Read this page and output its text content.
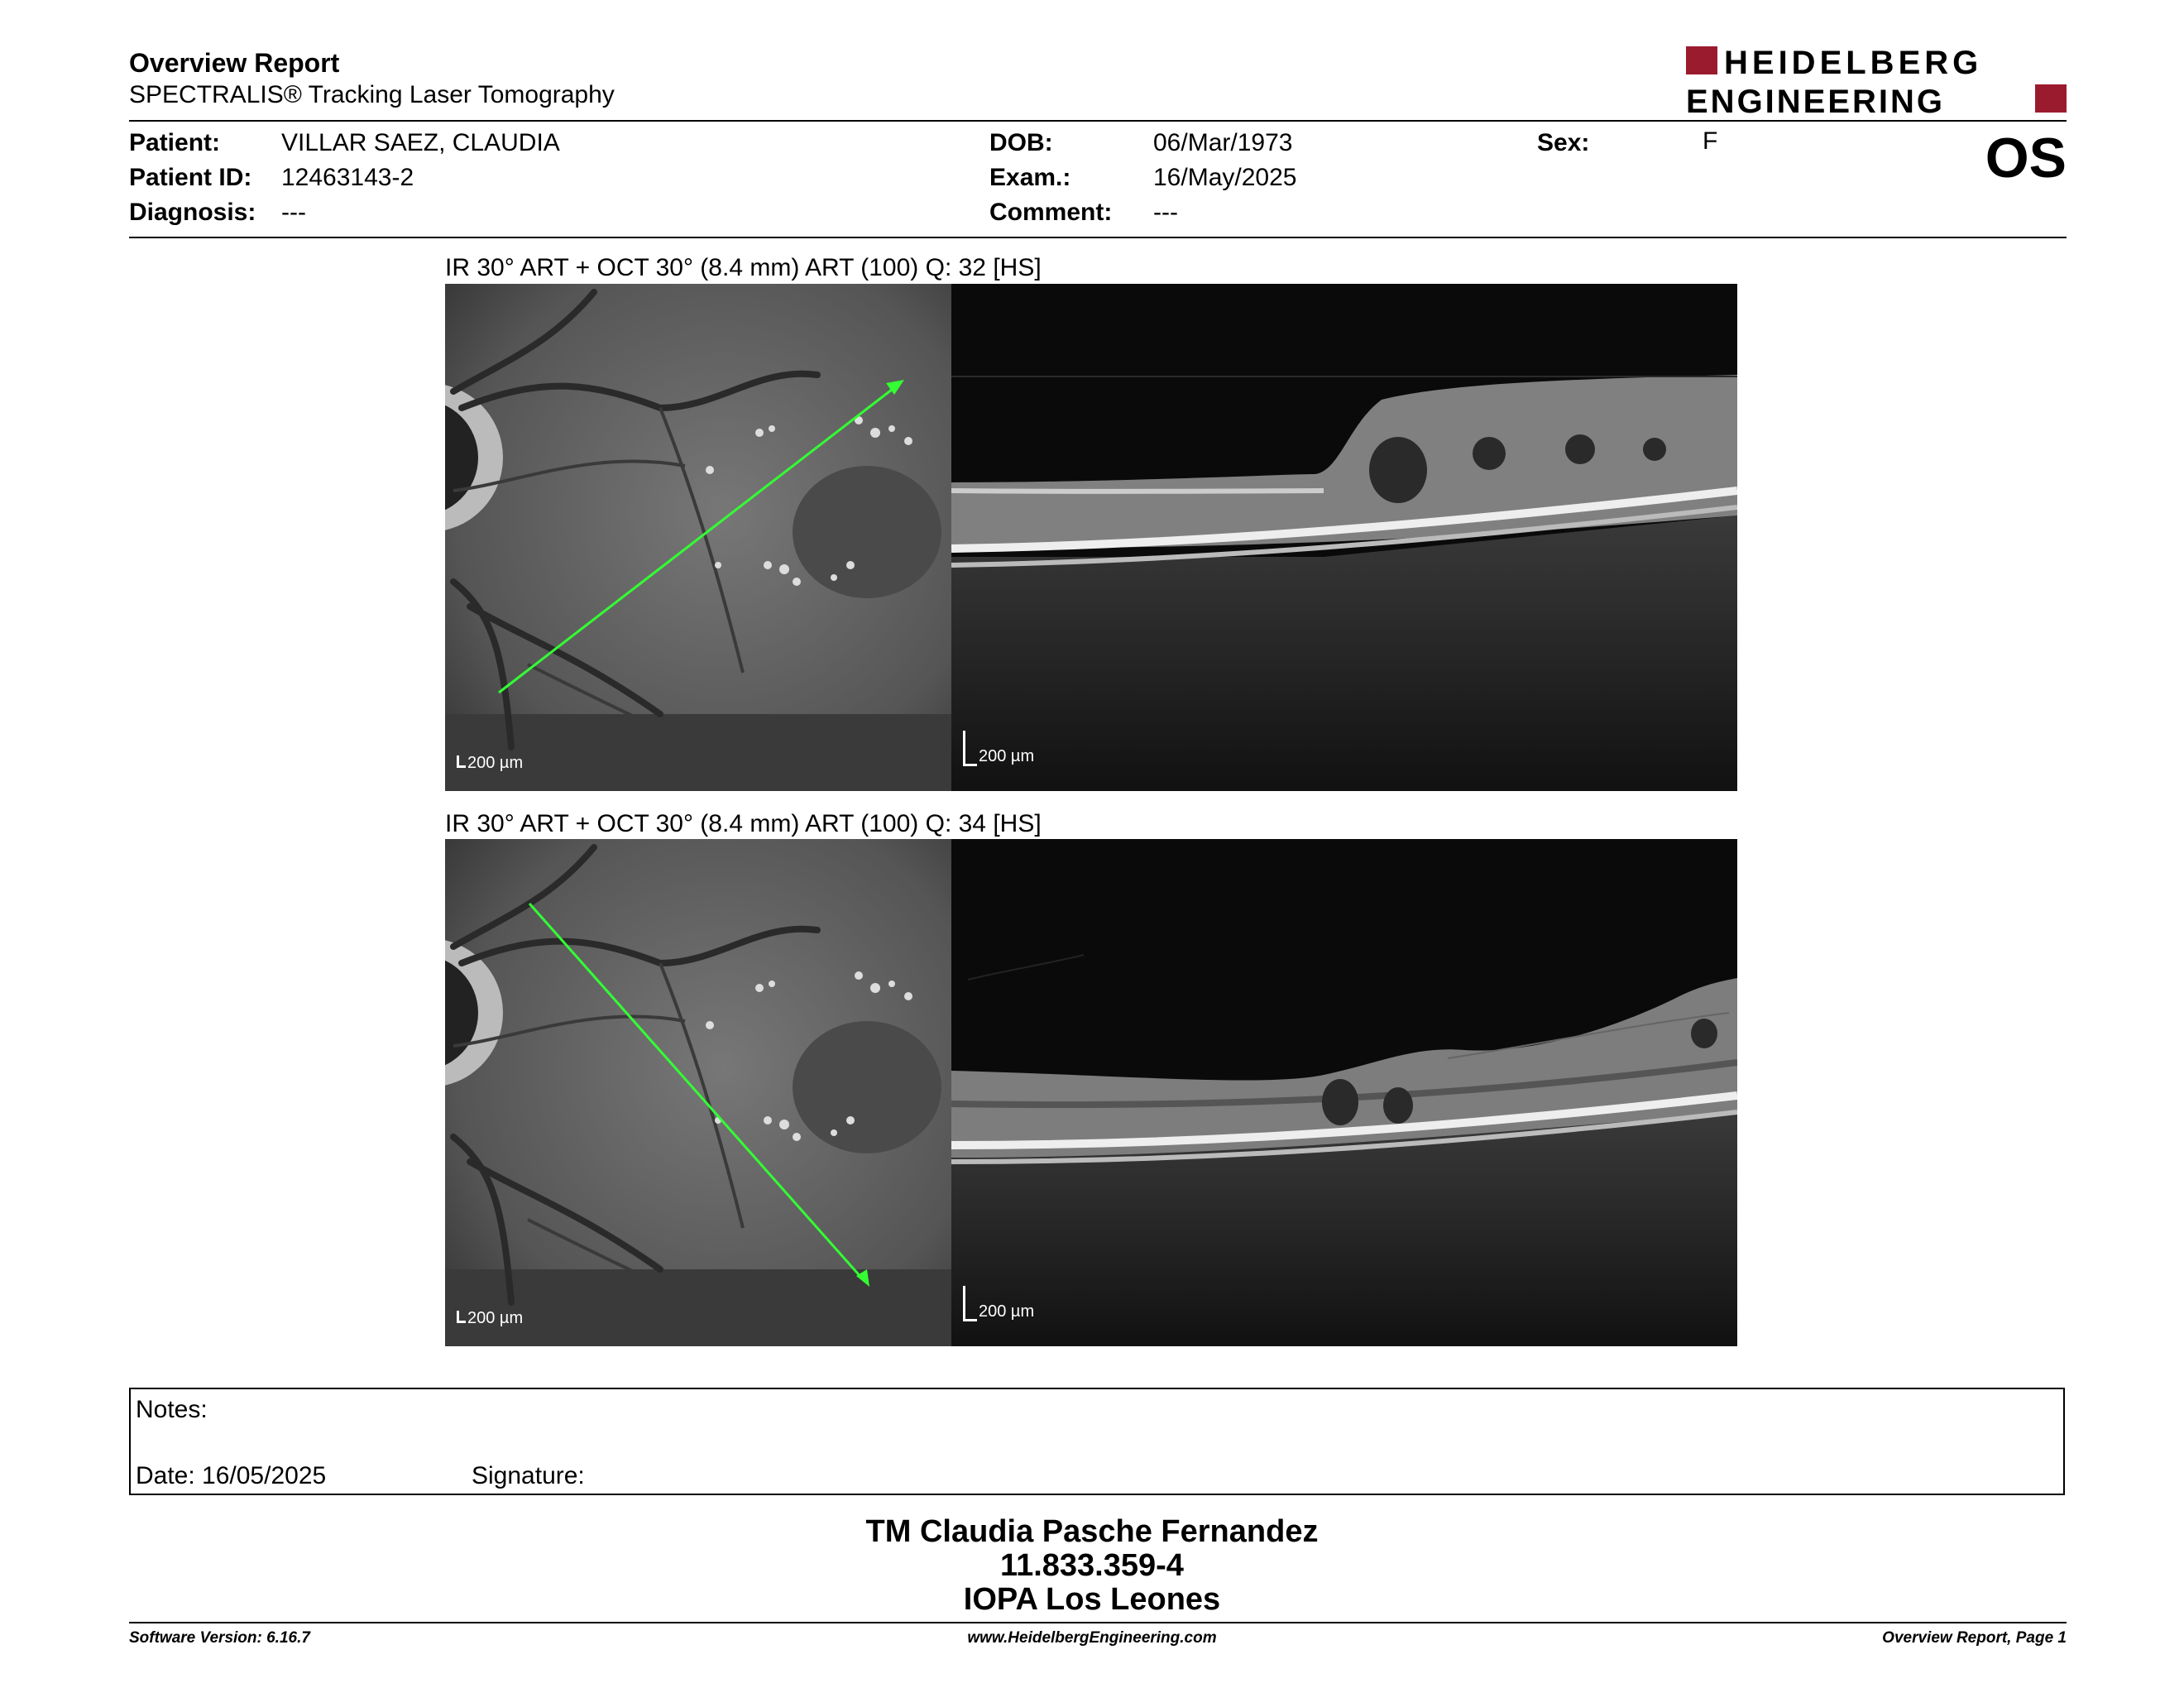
Overview Report
SPECTRALIS® Tracking Laser Tomography
HEIDELBERG
ENGINEERING
Patient: VILLAR SAEZ, CLAUDIA
Patient ID: 12463143-2
Diagnosis: ---
DOB:	06/Mar/1973
Exam.:	16/May/2025
Comment: ---
Sex:	F	OS
IR 30° ART + OCT 30° (8.4 mm) ART (100) Q: 32 [HS]
200 µm	200 µm
IR 30° ART + OCT 30° (8.4 mm) ART (100) Q: 34 [HS]
200 µm	200 µm
Notes:
Date: 16/05/2025	Signature:
TM Claudia Pasche Fernandez
11.833.359-4
IOPA Los Leones
Software Version: 6.16.7	www.HeidelbergEngineering.com	Overview Report, Page 1
